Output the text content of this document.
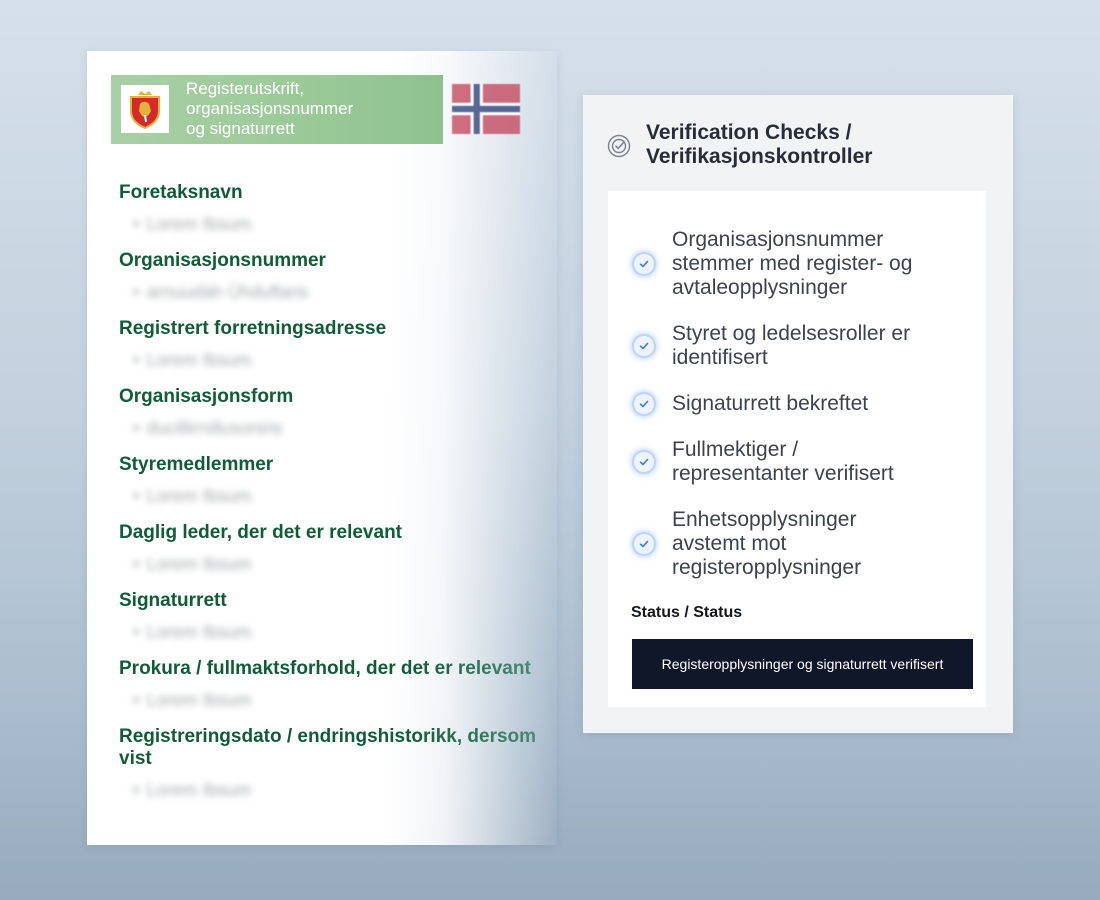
Registerutskrift,
organisasjonsnummer
og signaturrett
Foretaksnavn
+ Lorem Ibsum
Organisasjonsnummer
+ arnuudàh Ùhduflaris
Registrert forretningsadresse
+ Lorem Ibsum
Organisasjonsform
+ ducillirrsllusoniris
Styremedlemmer
+ Lorem Ibsum
Daglig leder, der det er relevant
+ Lorem Ibsum
Signaturrett
+ Lorem Ibsum
Prokura / fullmaktsforhold, der det er relevant
+ Lorem Ibsum
Registreringsdato / endringshistorikk, dersom vist
+ Lorem Ibsum
Verification Checks /
Verifikasjonskontroller
Organisasjonsnummer
stemmer med register- og
avtaleopplysninger
Styret og ledelsesroller er
identifisert
Signaturrett bekreftet
Fullmektiger /
representanter verifisert
Enhetsopplysninger
avstemt mot
registeropplysninger
Status / Status
Registeropplysninger og signaturrett verifisert
